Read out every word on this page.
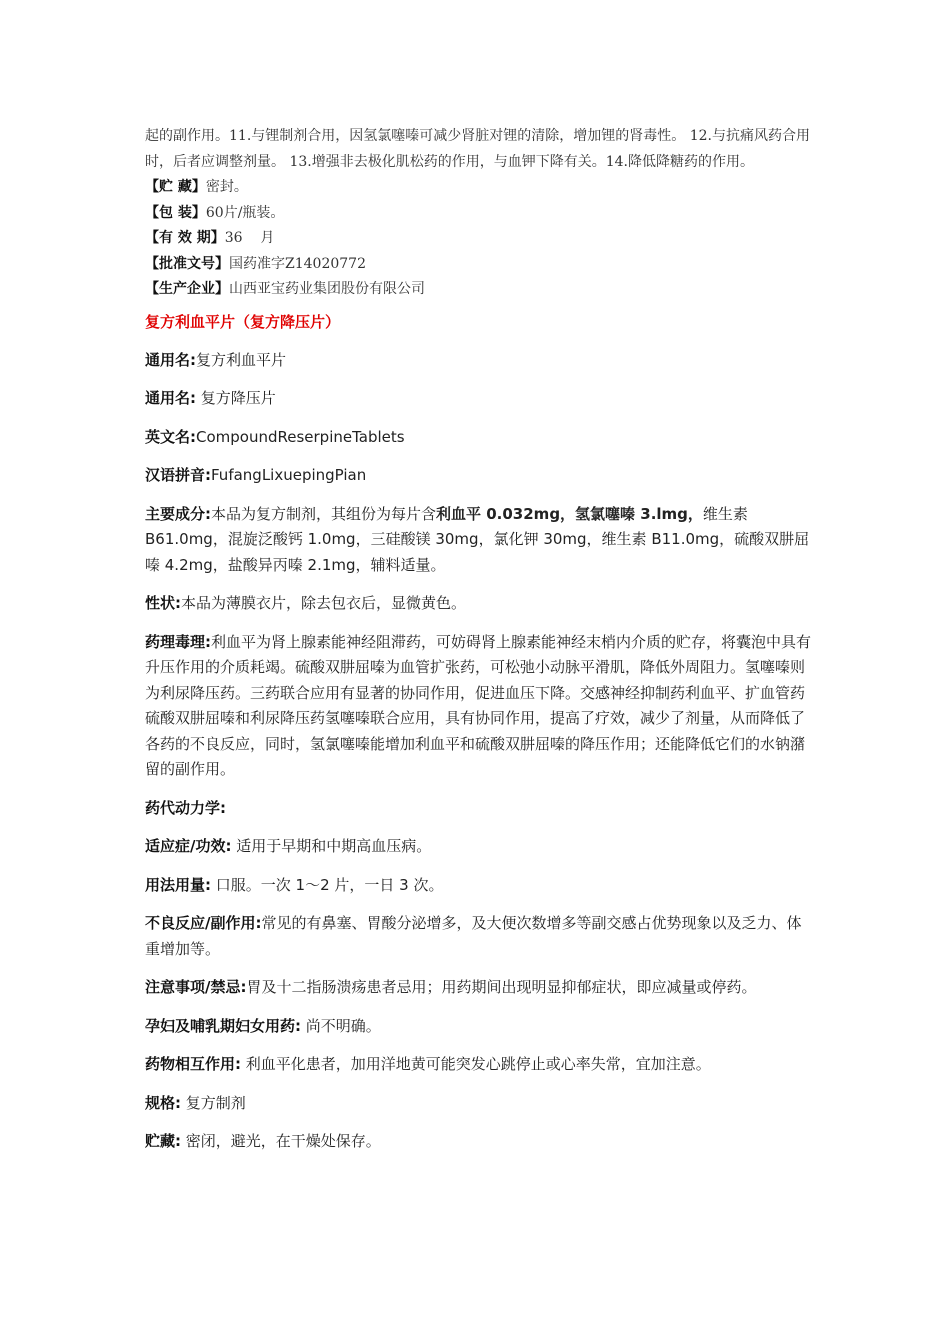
起的副作用。11.与锂制剂合用，因氢氯噻嗪可减少肾脏对锂的清除，增加锂的肾毒性。 12.与抗痛风药合用时，后者应调整剂量。 13.增强非去极化肌松药的作用，与血钾下降有关。14.降低降糖药的作用。
【贮 藏】密封。
【包 装】60片/瓶装。
【有 效 期】36    月
【批准文号】国药准字Z14020772
【生产企业】山西亚宝药业集团股份有限公司
复方利血平片（复方降压片）
通用名:复方利血平片
通用名: 复方降压片
英文名:CompoundReserpineTablets
汉语拼音:FufangLixuepingPian
主要成分:本品为复方制剂，其组份为每片含利血平 0.032mg，氢氯噻嗪 3.lmg，维生素 B61.0mg，混旋泛酸钙 1.0mg，三硅酸镁 30mg，氯化钾 30mg，维生素 B11.0mg，硫酸双肼屈嗪 4.2mg，盐酸异丙嗪 2.1mg，辅料适量。
性状:本品为薄膜衣片，除去包衣后，显微黄色。
药理毒理:利血平为肾上腺素能神经阻滞药，可妨碍肾上腺素能神经末梢内介质的贮存，将囊泡中具有升压作用的介质耗竭。硫酸双肼屈嗪为血管扩张药，可松弛小动脉平滑肌，降低外周阻力。氢噻嗪则为利尿降压药。三药联合应用有显著的协同作用，促进血压下降。交感神经抑制药利血平、扩血管药硫酸双肼屈嗪和利尿降压药氢噻嗪联合应用，具有协同作用，提高了疗效，减少了剂量，从而降低了各药的不良反应，同时，氢氯噻嗪能增加利血平和硫酸双肼屈嗪的降压作用；还能降低它们的水钠潴留的副作用。
药代动力学:
适应症/功效: 适用于早期和中期高血压病。
用法用量: 口服。一次 1～2 片，一日 3 次。
不良反应/副作用:常见的有鼻塞、胃酸分泌增多，及大便次数增多等副交感占优势现象以及乏力、体重增加等。
注意事项/禁忌:胃及十二指肠溃疡患者忌用；用药期间出现明显抑郁症状，即应减量或停药。
孕妇及哺乳期妇女用药: 尚不明确。
药物相互作用: 利血平化患者，加用洋地黄可能突发心跳停止或心率失常，宜加注意。
规格: 复方制剂
贮藏: 密闭，避光，在干燥处保存。
